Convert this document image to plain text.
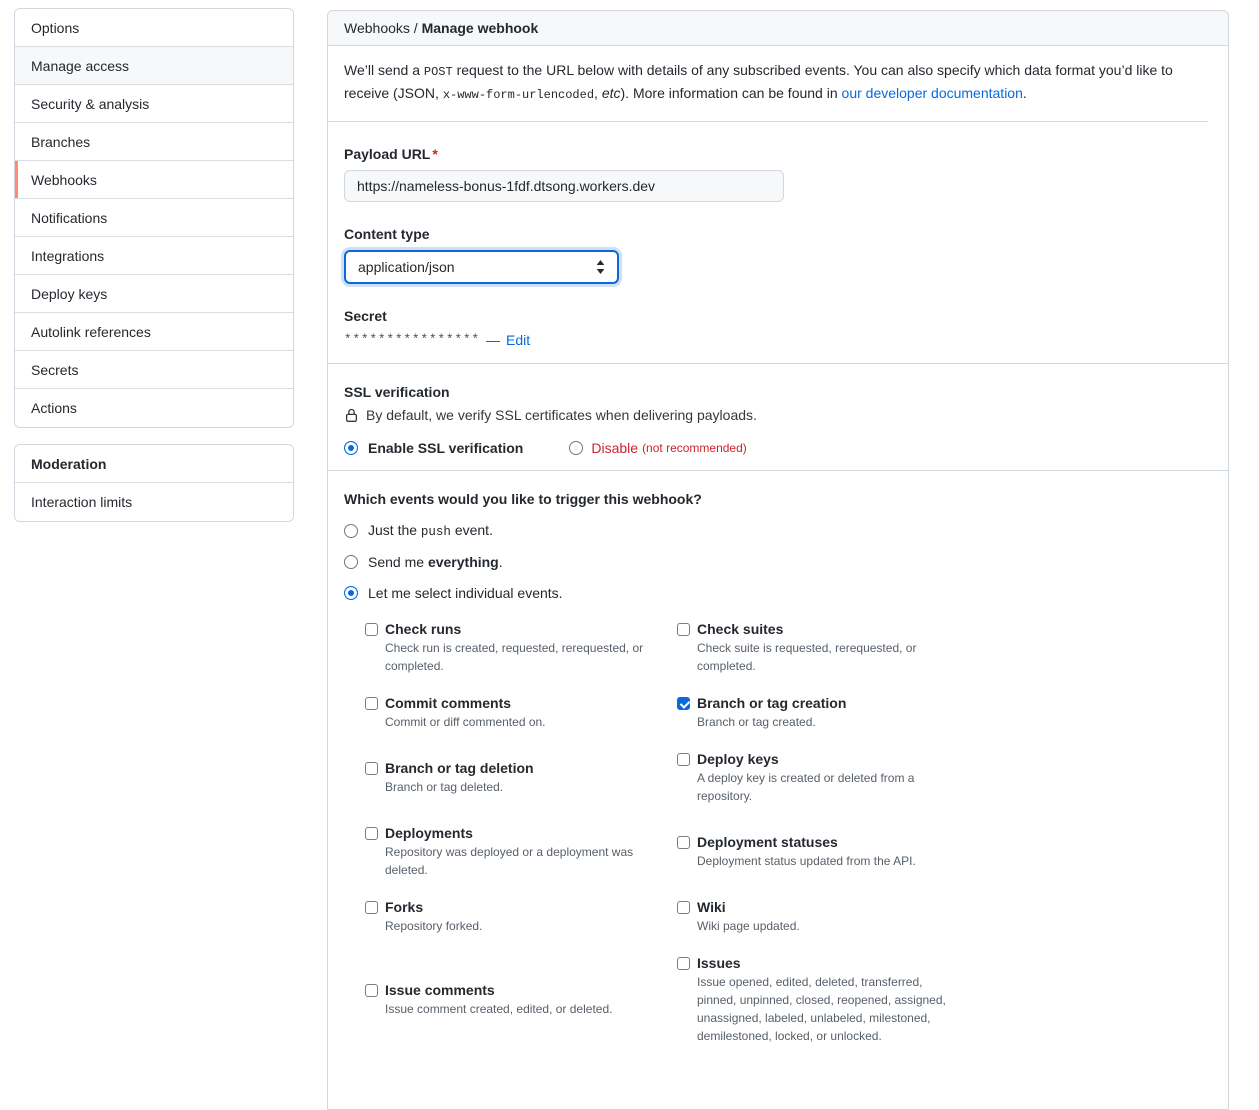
Options
Manage access
Security & analysis
Branches
Webhooks
Notifications
Integrations
Deploy keys
Autolink references
Secrets
Actions
Moderation
Interaction limits
Webhooks / Manage webhook
We’ll send a POST request to the URL below with details of any subscribed events. You can also specify which data format you’d like to receive (JSON, x-www-form-urlencoded, etc). More information can be found in our developer documentation.
Payload URL *
https://nameless-bonus-1fdf.dtsong.workers.dev
Content type
application/json
Secret
**************** — Edit
SSL verification
By default, we verify SSL certificates when delivering payloads.
Enable SSL verification	Disable (not recommended)
Which events would you like to trigger this webhook?
Just the push event.
Send me everything.
Let me select individual events.
Check runs
Check run is created, requested, rerequested, or completed.
Check suites
Check suite is requested, rerequested, or completed.
Commit comments
Commit or diff commented on.
Branch or tag creation
Branch or tag created.
Branch or tag deletion
Branch or tag deleted.
Deploy keys
A deploy key is created or deleted from a repository.
Deployments
Repository was deployed or a deployment was deleted.
Deployment statuses
Deployment status updated from the API.
Forks
Repository forked.
Wiki
Wiki page updated.
Issue comments
Issue comment created, edited, or deleted.
Issues
Issue opened, edited, deleted, transferred, pinned, unpinned, closed, reopened, assigned, unassigned, labeled, unlabeled, milestoned, demilestoned, locked, or unlocked.
